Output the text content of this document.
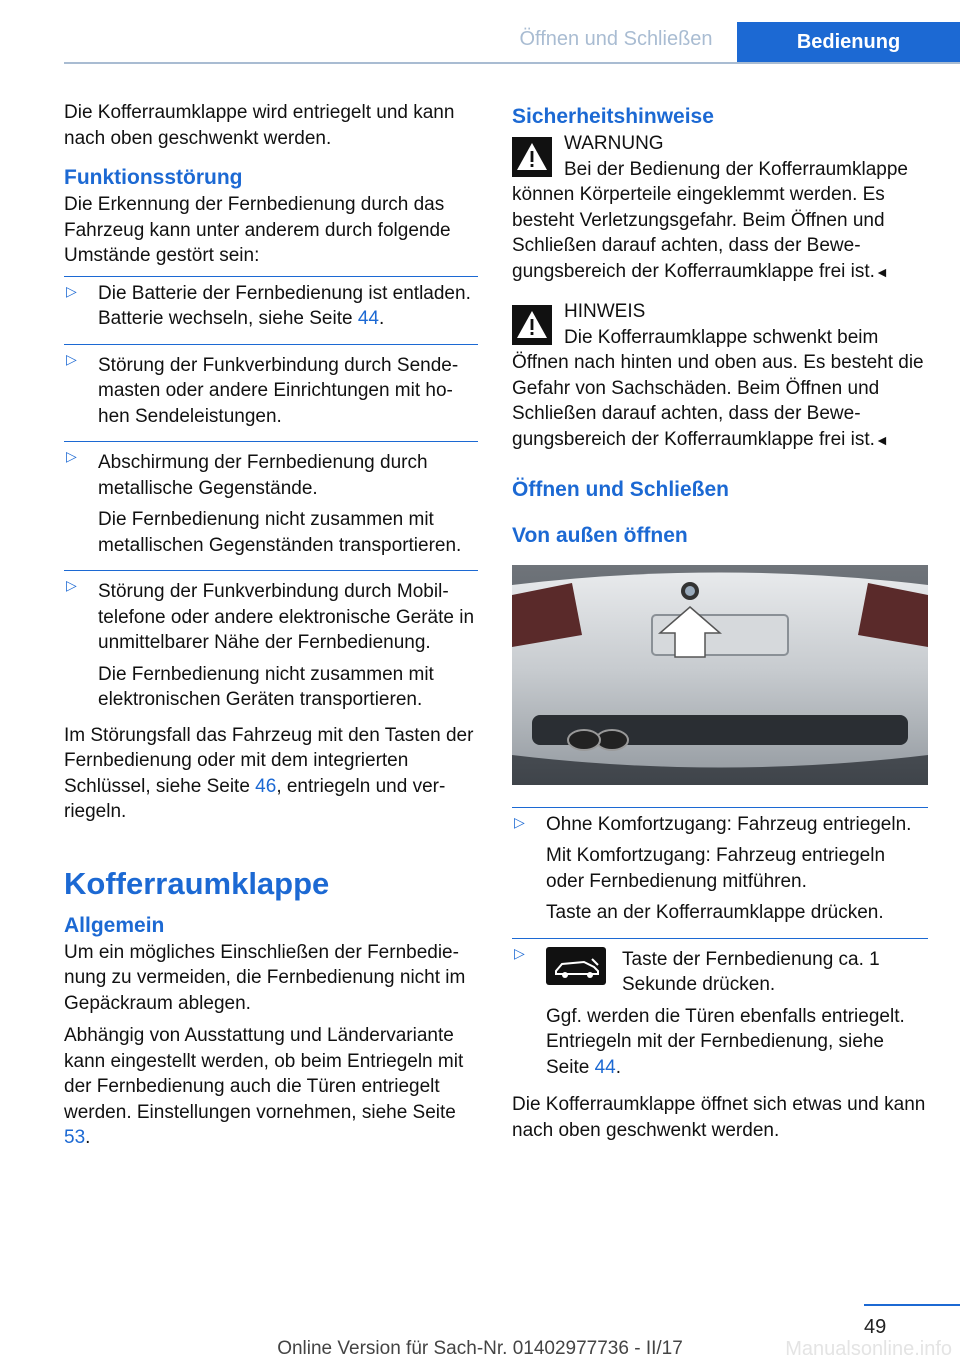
Öffnen und Schließen	Bedienung

Die Kofferraumklappe wird entriegelt und kann nach oben geschwenkt werden.

Funktionsstörung

Die Erkennung der Fernbedienung durch das Fahrzeug kann unter anderem durch folgende Umstände gestört sein:

▷ Die Batterie der Fernbedienung ist entladen. Batterie wechseln, siehe Seite 44.

▷ Störung der Funkverbindung durch Sendemasten oder andere Einrichtungen mit hohen Sendeleistungen.

▷ Abschirmung der Fernbedienung durch metallische Gegenstände.

Die Fernbedienung nicht zusammen mit metallischen Gegenständen transportieren.

▷ Störung der Funkverbindung durch Mobiltelefone oder andere elektronische Geräte in unmittelbarer Nähe der Fernbedienung.

Die Fernbedienung nicht zusammen mit elektronischen Geräten transportieren.

Im Störungsfall das Fahrzeug mit den Tasten der Fernbedienung oder mit dem integrierten Schlüssel, siehe Seite 46, entriegeln und verriegeln.

Kofferraumklappe
Allgemein

Um ein mögliches Einschließen der Fernbedienung zu vermeiden, die Fernbedienung nicht im Gepäckraum ablegen.

Abhängig von Ausstattung und Ländervariante kann eingestellt werden, ob beim Entriegeln mit der Fernbedienung auch die Türen entriegelt werden. Einstellungen vornehmen, siehe Seite 53.

Sicherheitshinweise
WARNUNG
Bei der Bedienung der Kofferraumklappe können Körperteile eingeklemmt werden. Es besteht Verletzungsgefahr. Beim Öffnen und Schließen darauf achten, dass der Bewegungsbereich der Kofferraumklappe frei ist.◄
HINWEIS
Die Kofferraumklappe schwenkt beim Öffnen nach hinten und oben aus. Es besteht die Gefahr von Sachschäden. Beim Öffnen und Schließen darauf achten, dass der Bewegungsbereich der Kofferraumklappe frei ist.◄
Öffnen und Schließen
Von außen öffnen
▷ Ohne Komfortzugang: Fahrzeug entriegeln.

Mit Komfortzugang: Fahrzeug entriegeln oder Fernbedienung mitführen.

Taste an der Kofferraumklappe drücken.

▷	Taste der Fernbedienung ca. 1 Sekunde drücken.

Ggf. werden die Türen ebenfalls entriegelt. Entriegeln mit der Fernbedienung, siehe Seite 44.

Die Kofferraumklappe öffnet sich etwas und kann nach oben geschwenkt werden.

49
Manualsonline.info
Online Version für Sach-Nr. 01402977736 - II/17
